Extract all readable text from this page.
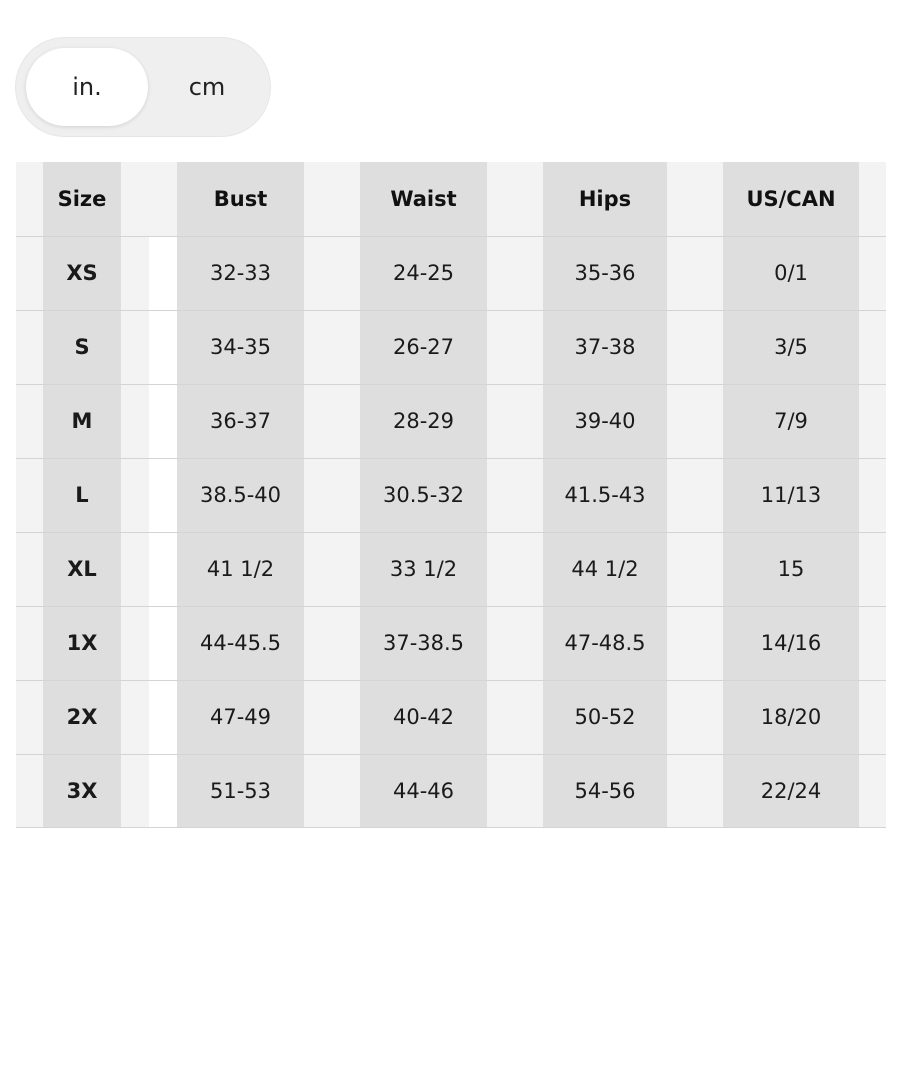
in.	cm
Size	Bust	Waist	Hips	US/CAN
XS	32-33	24-25	35-36	0/1
S	34-35	26-27	37-38	3/5
M	36-37	28-29	39-40	7/9
L	38.5-40	30.5-32	41.5-43	11/13
XL	41 1/2	33 1/2	44 1/2	15
1X	44-45.5	37-38.5	47-48.5	14/16
2X	47-49	40-42	50-52	18/20
3X	51-53	44-46	54-56	22/24
